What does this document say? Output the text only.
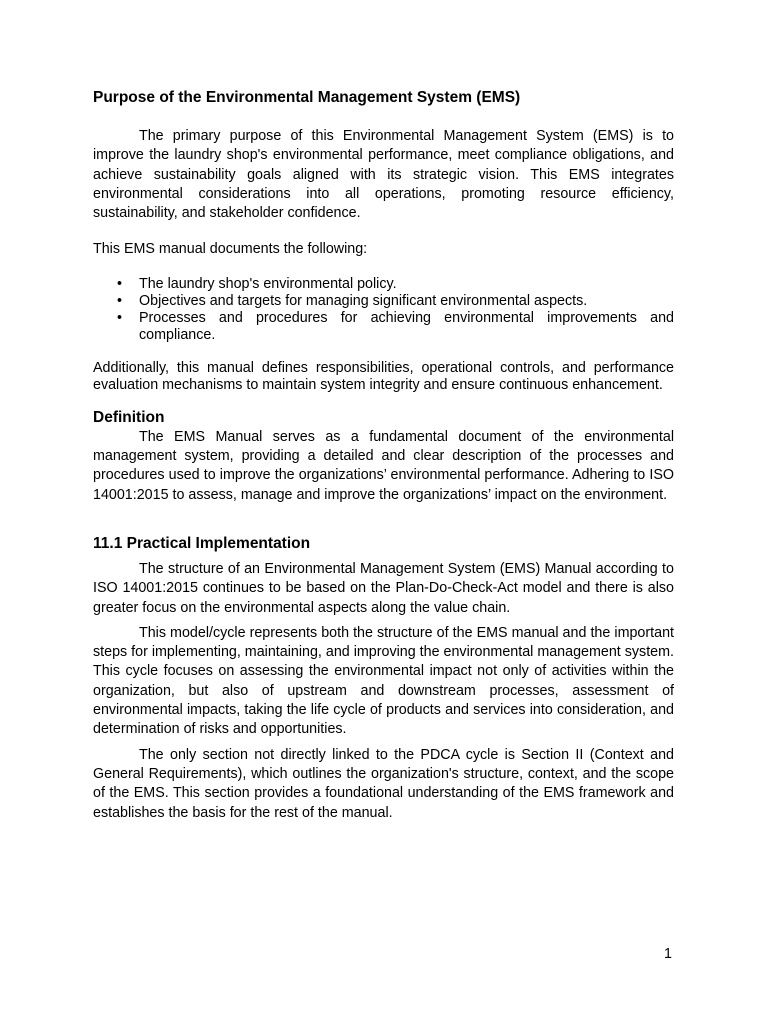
Purpose of the Environmental Management System (EMS)

The primary purpose of this Environmental Management System (EMS) is to improve the laundry shop's environmental performance, meet compliance obligations, and achieve sustainability goals aligned with its strategic vision. This EMS integrates environmental considerations into all operations, promoting resource efficiency, sustainability, and stakeholder confidence.

This EMS manual documents the following:

• The laundry shop's environmental policy.
• Objectives and targets for managing significant environmental aspects.
• Processes and procedures for achieving environmental improvements and compliance.

Additionally, this manual defines responsibilities, operational controls, and performance evaluation mechanisms to maintain system integrity and ensure continuous enhancement.

Definition

The EMS Manual serves as a fundamental document of the environmental management system, providing a detailed and clear description of the processes and procedures used to improve the organizations’ environmental performance. Adhering to ISO 14001:2015 to assess, manage and improve the organizations’ impact on the environment.

11.1 Practical Implementation

The structure of an Environmental Management System (EMS) Manual according to ISO 14001:2015 continues to be based on the Plan-Do-Check-Act model and there is also greater focus on the environmental aspects along the value chain.

This model/cycle represents both the structure of the EMS manual and the important steps for implementing, maintaining, and improving the environmental management system. This cycle focuses on assessing the environmental impact not only of activities within the organization, but also of upstream and downstream processes, assessment of environmental impacts, taking the life cycle of products and services into consideration, and determination of risks and opportunities.

The only section not directly linked to the PDCA cycle is Section II (Context and General Requirements), which outlines the organization's structure, context, and the scope of the EMS. This section provides a foundational understanding of the EMS framework and establishes the basis for the rest of the manual.

1
